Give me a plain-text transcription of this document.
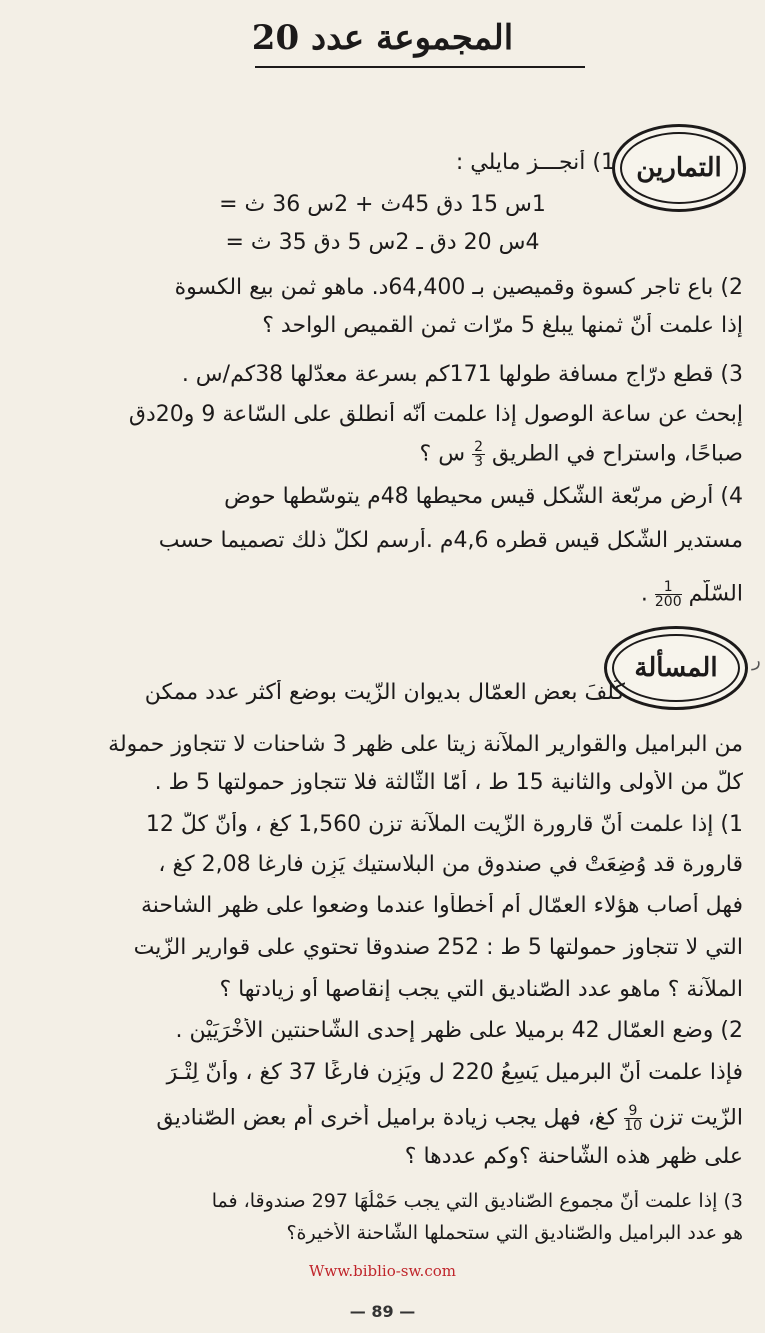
المجموعة عدد 20
التمارين
1) أنجـــز مايلي :
1س 15 دق 45ث + 2س 36 ث =
4س 20 دق ـ 2س 5 دق 35 ث =
2) باع تاجر كسوة وقميصين بـ 64,400د. ماهو ثمن بيع الكسوة
إذا علمت أنّ ثمنها يبلغ 5 مرّات ثمن القميص الواحد ؟
3) قطع درّاج مسافة طولها 171كم بسرعة معدّلها 38كم/س .
إبحث عن ساعة الوصول إذا علمت أنّه أنطلق على السّاعة 9 و20دق
صباحًا، واستراح في الطريق
$\frac{2}{3}$
س ؟
4) أرض مربّعة الشّكل قيس محيطها 48م يتوسّطها حوض
مستدير الشّكل قيس قطره 4,6م .أرسم لكلّ ذلك تصميما حسب
السّلّم
$\frac{1}{200}$
.
المسألة
كُلِّفَ بعض العمّال بديوان الزّيت بوضع أكثر عدد ممكن
من البراميل والقوارير الملآنة زيتا على ظهر 3 شاحنات لا تتجاوز حمولة
كلّ من الأولى والثانية 15 ط ، أمّا الثّالثة فلا تتجاوز حمولتها 5 ط .
1) إذا علمت أنّ قارورة الزّيت الملآنة تزن 1,560 كغ ، وأنّ كلّ 12
قارورة قد وُضِعَتْ في صندوق من البلاستيك يَزِن فارغا 2,08 كغ ،
فهل أصاب هؤلاء العمّال أم أخطأوا عندما وضعوا على ظهر الشاحنة
التي لا تتجاوز حمولتها 5 ط : 252 صندوقا تحتوي على قوارير الزّيت
الملآنة ؟ ماهو عدد الصّناديق التي يجب إنقاصها أو زيادتها ؟
2) وضع العمّال 42 برميلا على ظهر إحدى الشّاحنتين الأُخْرَيَيْنِ .
فإذا علمت أنّ البرميل يَسِعُ 220 ل ويَزِن فارغًا 37 كغ ، وأنّ لِتْـرَ
الزّيت تزن
$\frac{9}{10}$
كغ، فهل يجب زيادة براميل أخرى أم بعض الصّناديق
على ظهر هذه الشّاحنة ؟وكم عددها ؟
3) إذا علمت أنّ مجموع الصّناديق التي يجب حَمْلُهَا 297 صندوقا، فما
هو عدد البراميل والصّناديق التي ستحملها الشّاحنة الأخيرة؟
Www.biblio-sw.com
— 89 —
ر
